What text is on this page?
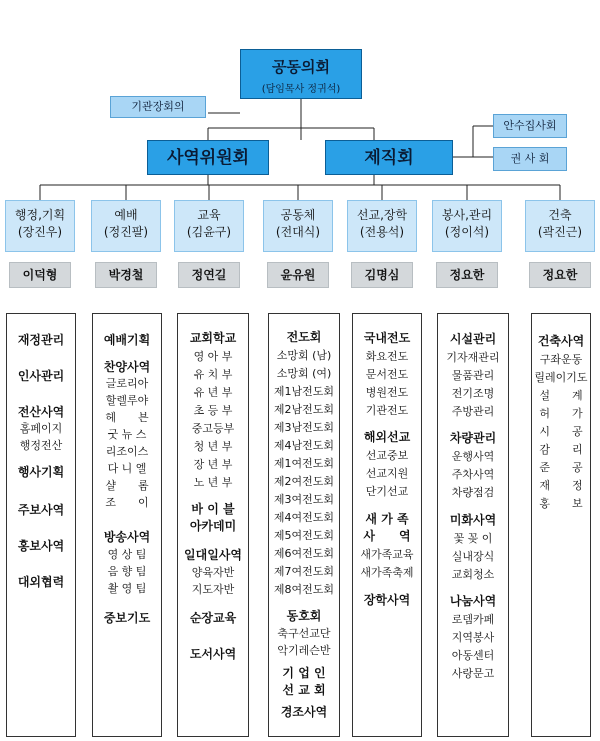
공동의회
(담임목사 정귀석)
기관장회의
안수집사회
권 사 회
사역위원회	제직회
행정,기획
(장진우)
예배
(정진팔)
교육
(김윤구)
공동체
(전대식)
선교,장학
(전용석)
봉사,관리
(정이석)
건축
(곽진근)
이덕형	박경철	정연길	윤유원	김명심	정요한	정요한
재정관리
인사관리
전산사역
홈페이지
행정전산
행사기획
주보사역
홍보사역
대외협력
예배기획
찬양사역
글로리아
할렐루야
헤　　븐
굿 뉴 스
리조이스
다 니 엘
샬　　롬
조　　이
방송사역
영 상 팀
음 향 팀
촬 영 팀
중보기도
교회학교
영 아 부
유 치 부
유 년 부
초 등 부
중고등부
청 년 부
장 년 부
노 년 부
바 이 블
아카데미
일대일사역
양육자반
지도자반
순장교육
도서사역
전도회
소망회 (남)
소망회 (여)
제1남전도회
제2남전도회
제3남전도회
제4남전도회
제1여전도회
제2여전도회
제3여전도회
제4여전도회
제5여전도회
제6여전도회
제7여전도회
제8여전도회
동호회
축구선교단
악기레슨반
기 업 인
선 교 회
경조사역
국내전도
화요전도
문서전도
병원전도
기관전도
해외선교
선교중보
선교지원
단기선교
새 가 족
사　　역
새가족교육
새가족축제
장학사역
시설관리
기자재관리
물품관리
전기조명
주방관리
차량관리
운행사역
주차사역
차량점검
미화사역
꽃 꽂 이
실내장식
교회청소
나눔사역
로뎀카페
지역봉사
아동센터
사랑문고
건축사역
구좌운동
릴레이기도
설　　계
허　　가
시　　공
감　　리
준　　공
재　　정
홍　　보
